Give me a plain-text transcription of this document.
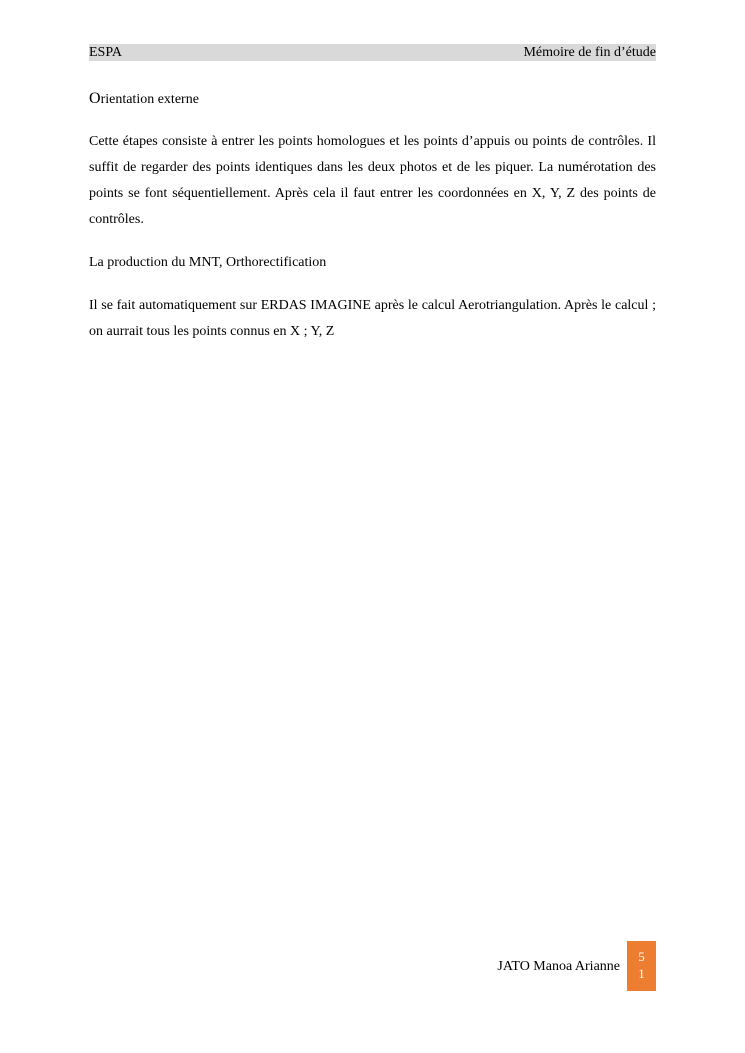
ESPA	Mémoire de fin d’étude

Orientation externe

Cette étapes consiste à entrer les points homologues et les points d’appuis ou points de contrôles. Il suffit de regarder des points identiques dans les deux photos et de les piquer. La numérotation des points se font séquentiellement. Après cela il faut entrer les coordonnées en X, Y, Z des points de contrôles.

La production du MNT, Orthorectification

Il se fait automatiquement sur ERDAS IMAGINE après le calcul Aerotriangulation. Après le calcul ; on aurrait tous les points connus en X ; Y, Z

JATO Manoa Arianne
5
1
